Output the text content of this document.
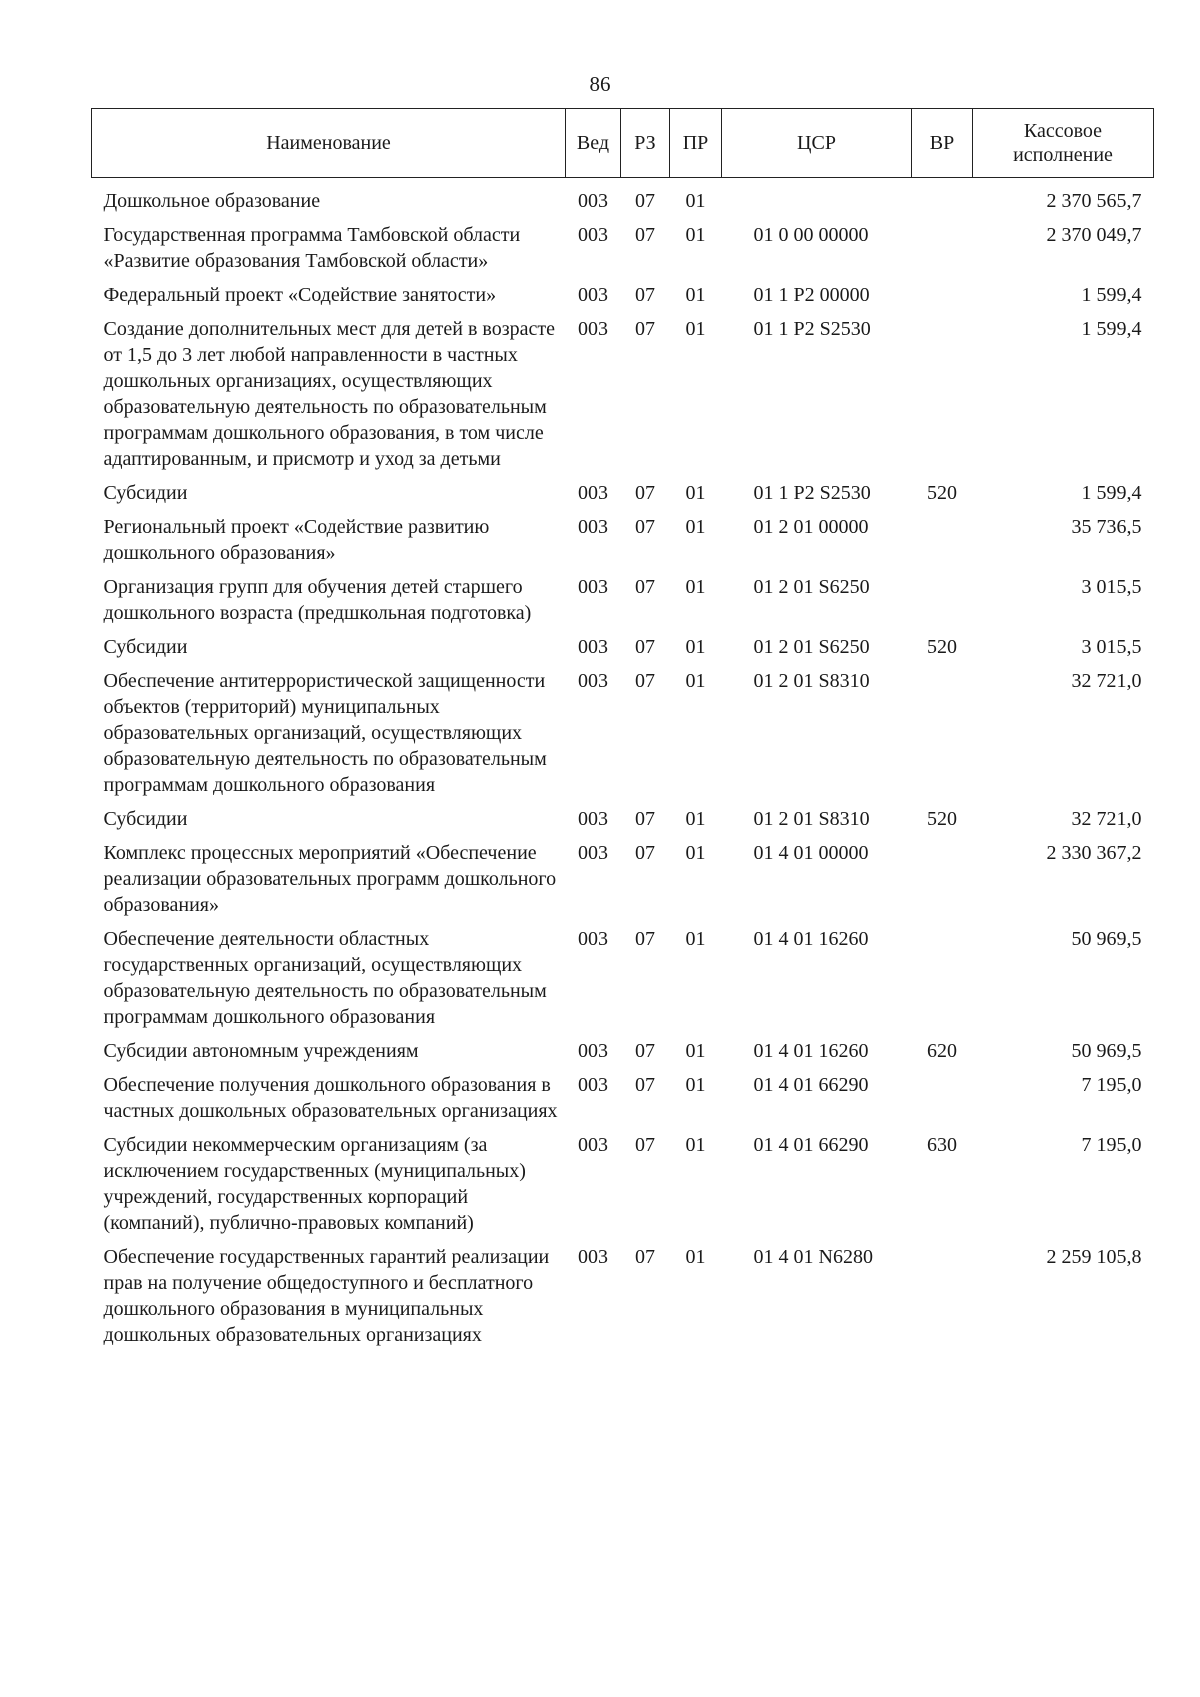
86
Наименование	Вед	РЗ	ПР	ЦСР	ВР	Кассовое исполнение
Дошкольное образование	003	07	01			2 370 565,7
Государственная программа Тамбовской области «Развитие образования Тамбовской области»	003	07	01	01 0 00 00000		2 370 049,7
Федеральный проект «Содействие занятости»	003	07	01	01 1 P2 00000		1 599,4
Создание дополнительных мест для детей в возрасте от 1,5 до 3 лет любой направленности в частных дошкольных организациях, осуществляющих образовательную деятельность по образовательным программам дошкольного образования, в том числе адаптированным, и присмотр и уход за детьми	003	07	01	01 1 P2 S2530		1 599,4
Субсидии	003	07	01	01 1 P2 S2530	520	1 599,4
Региональный проект «Содействие развитию дошкольного образования»	003	07	01	01 2 01 00000		35 736,5
Организация групп для обучения детей старшего дошкольного возраста (предшкольная подготовка)	003	07	01	01 2 01 S6250		3 015,5
Субсидии	003	07	01	01 2 01 S6250	520	3 015,5
Обеспечение антитеррористической защищенности объектов (территорий) муниципальных образовательных организаций, осуществляющих образовательную деятельность по образовательным программам дошкольного образования	003	07	01	01 2 01 S8310		32 721,0
Субсидии	003	07	01	01 2 01 S8310	520	32 721,0
Комплекс процессных мероприятий «Обеспечение реализации образовательных программ дошкольного образования»	003	07	01	01 4 01 00000		2 330 367,2
Обеспечение деятельности областных государственных организаций, осуществляющих образовательную деятельность по образовательным программам дошкольного образования	003	07	01	01 4 01 16260		50 969,5
Субсидии автономным учреждениям	003	07	01	01 4 01 16260	620	50 969,5
Обеспечение получения дошкольного образования в частных дошкольных образовательных организациях	003	07	01	01 4 01 66290		7 195,0
Субсидии некоммерческим организациям (за исключением государственных (муниципальных) учреждений, государственных корпораций (компаний), публично-правовых компаний)	003	07	01	01 4 01 66290	630	7 195,0
Обеспечение государственных гарантий реализации прав на получение общедоступного и бесплатного дошкольного образования в муниципальных дошкольных образовательных организациях	003	07	01	01 4 01 N6280		2 259 105,8
